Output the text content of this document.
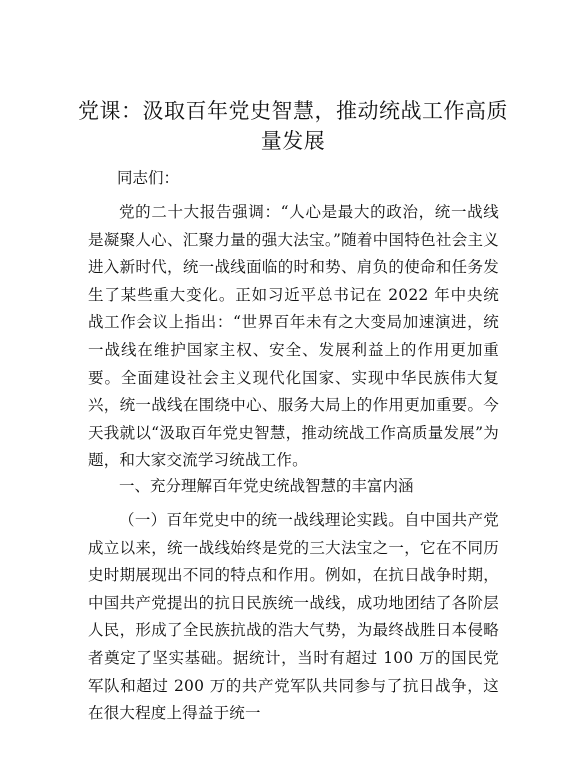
党课：汲取百年党史智慧，推动统战工作高质量发展

同志们：

党的二十大报告强调：“人心是最大的政治，统一战线是凝聚人心、汇聚力量的强大法宝。”随着中国特色社会主义进入新时代，统一战线面临的时和势、肩负的使命和任务发生了某些重大变化。正如习近平总书记在 2022 年中央统战工作会议上指出：“世界百年未有之大变局加速演进，统一战线在维护国家主权、安全、发展利益上的作用更加重要。全面建设社会主义现代化国家、实现中华民族伟大复兴，统一战线在围绕中心、服务大局上的作用更加重要。今天我就以“汲取百年党史智慧，推动统战工作高质量发展”为题，和大家交流学习统战工作。

一、充分理解百年党史统战智慧的丰富内涵

（一）百年党史中的统一战线理论实践。自中国共产党成立以来，统一战线始终是党的三大法宝之一，它在不同历史时期展现出不同的特点和作用。例如，在抗日战争时期，中国共产党提出的抗日民族统一战线，成功地团结了各阶层人民，形成了全民族抗战的浩大气势，为最终战胜日本侵略者奠定了坚实基础。据统计，当时有超过 100 万的国民党军队和超过 200 万的共产党军队共同参与了抗日战争，这在很大程度上得益于统一
